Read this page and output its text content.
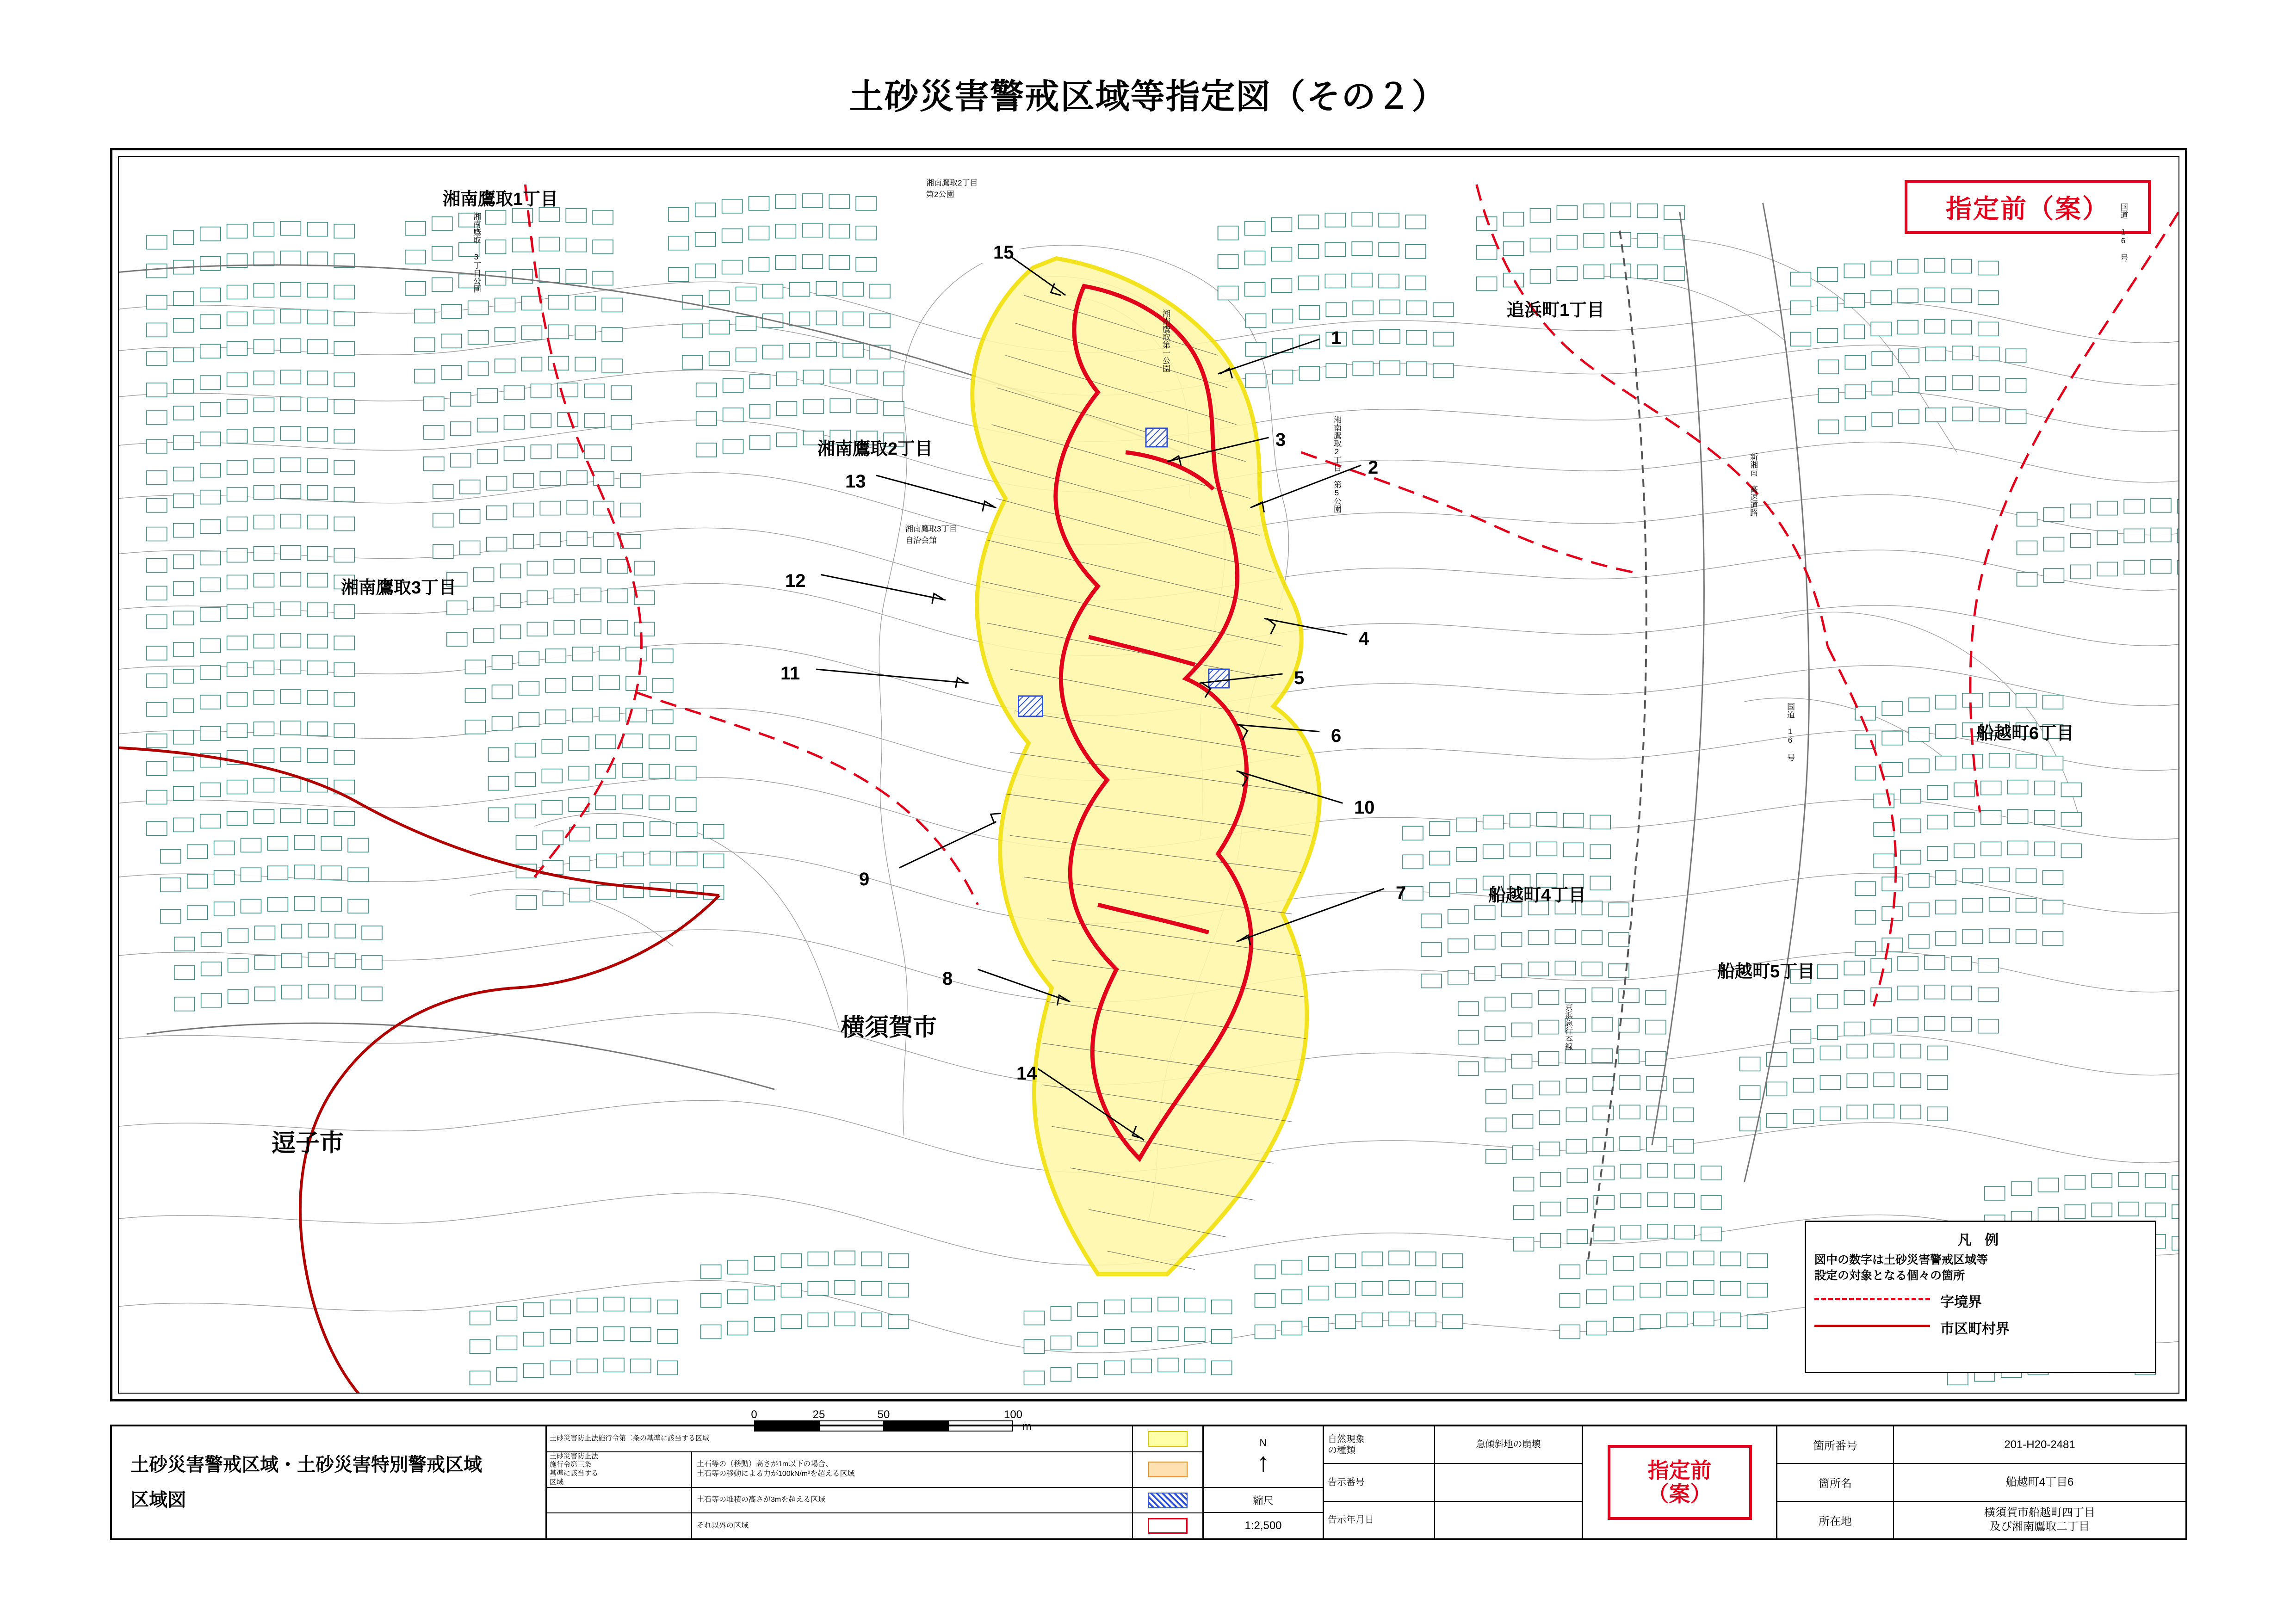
土砂災害警戒区域等指定図（その２）
指定前（案）
横須賀市
逗子市
湘南鷹取1丁目
湘南鷹取2丁目
湘南鷹取3丁目
追浜町1丁目
船越町6丁目
船越町4丁目
船越町5丁目
湘南鷹取2丁目
第2公園
湘南鷹取 3丁目公園
湘南鷹取2丁目 第5公園
湘南鷹取3丁目
自治会館
新湘南 高速道路
湘南鷹取第一公園
国道 16 号
京浜急行本線
国道 16 号
15
1
3
2
13
12
4
5
11
6
10
9
7
8
14
凡 例
図中の数字は土砂災害警戒区域等
設定の対象となる個々の箇所
字境界
市区町村界
0	25	50	100
m
土砂災害警戒区域・土砂災害特別警戒区域
区域図
土砂災害防止法施行令第二条の基準に該当する区域
土砂災害防止法
施行令第三条
基準に該当する
区域
土石等の（移動）高さが1m以下の場合、
土石等の移動による力が100kN/m²を超える区域
土石等の堆積の高さが3mを超える区域
それ以外の区域
N
↑
縮尺
1:2,500
自然現象
の種類
急傾斜地の崩壊
告示番号
告示年月日
指定前
（案）
箇所番号	201-H20-2481
箇所名	船越町4丁目6
所在地
横須賀市船越町四丁目
及び湘南鷹取二丁目
